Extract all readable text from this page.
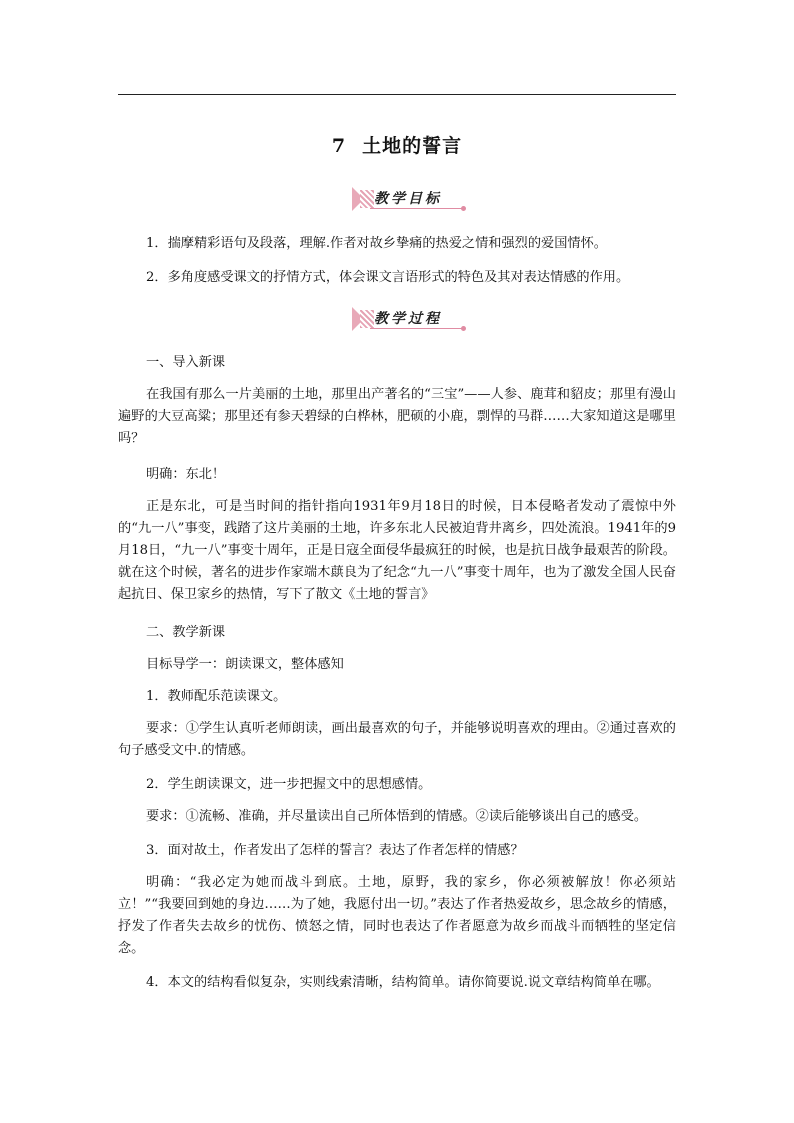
7 土地的誓言
教学目标
1．揣摩精彩语句及段落，理解.作者对故乡挚痛的热爱之情和强烈的爱国情怀。
2．多角度感受课文的抒情方式，体会课文言语形式的特色及其对表达情感的作用。
教学过程
一、导入新课
在我国有那么一片美丽的土地，那里出产著名的“三宝”——人参、鹿茸和貂皮；那里有漫山遍野的大豆高粱；那里还有参天碧绿的白桦林，肥硕的小鹿，剽悍的马群……大家知道这是哪里吗？
明确：东北！
正是东北，可是当时间的指针指向1931年9月18日的时候，日本侵略者发动了震惊中外的“九一八”事变，践踏了这片美丽的土地，许多东北人民被迫背井离乡，四处流浪。1941年的9月18日，“九一八”事变十周年，正是日寇全面侵华最疯狂的时候，也是抗日战争最艰苦的阶段。就在这个时候，著名的进步作家端木蕻良为了纪念“九一八”事变十周年，也为了激发全国人民奋起抗日、保卫家乡的热情，写下了散文《土地的誓言》
二、教学新课
目标导学一：朗读课文，整体感知
1．教师配乐范读课文。
要求：①学生认真听老师朗读，画出最喜欢的句子，并能够说明喜欢的理由。②通过喜欢的句子感受文中.的情感。
2．学生朗读课文，进一步把握文中的思想感情。
要求：①流畅、准确，并尽量读出自己所体悟到的情感。②读后能够谈出自己的感受。
3．面对故土，作者发出了怎样的誓言？表达了作者怎样的情感？
明确：“我必定为她而战斗到底。土地，原野，我的家乡，你必须被解放！你必须站立！”“我要回到她的身边……为了她，我愿付出一切。”表达了作者热爱故乡，思念故乡的情感，抒发了作者失去故乡的忧伤、愤怒之情，同时也表达了作者愿意为故乡而战斗而牺牲的坚定信念。
4．本文的结构看似复杂，实则线索清晰，结构简单。请你简要说.说文章结构简单在哪。
